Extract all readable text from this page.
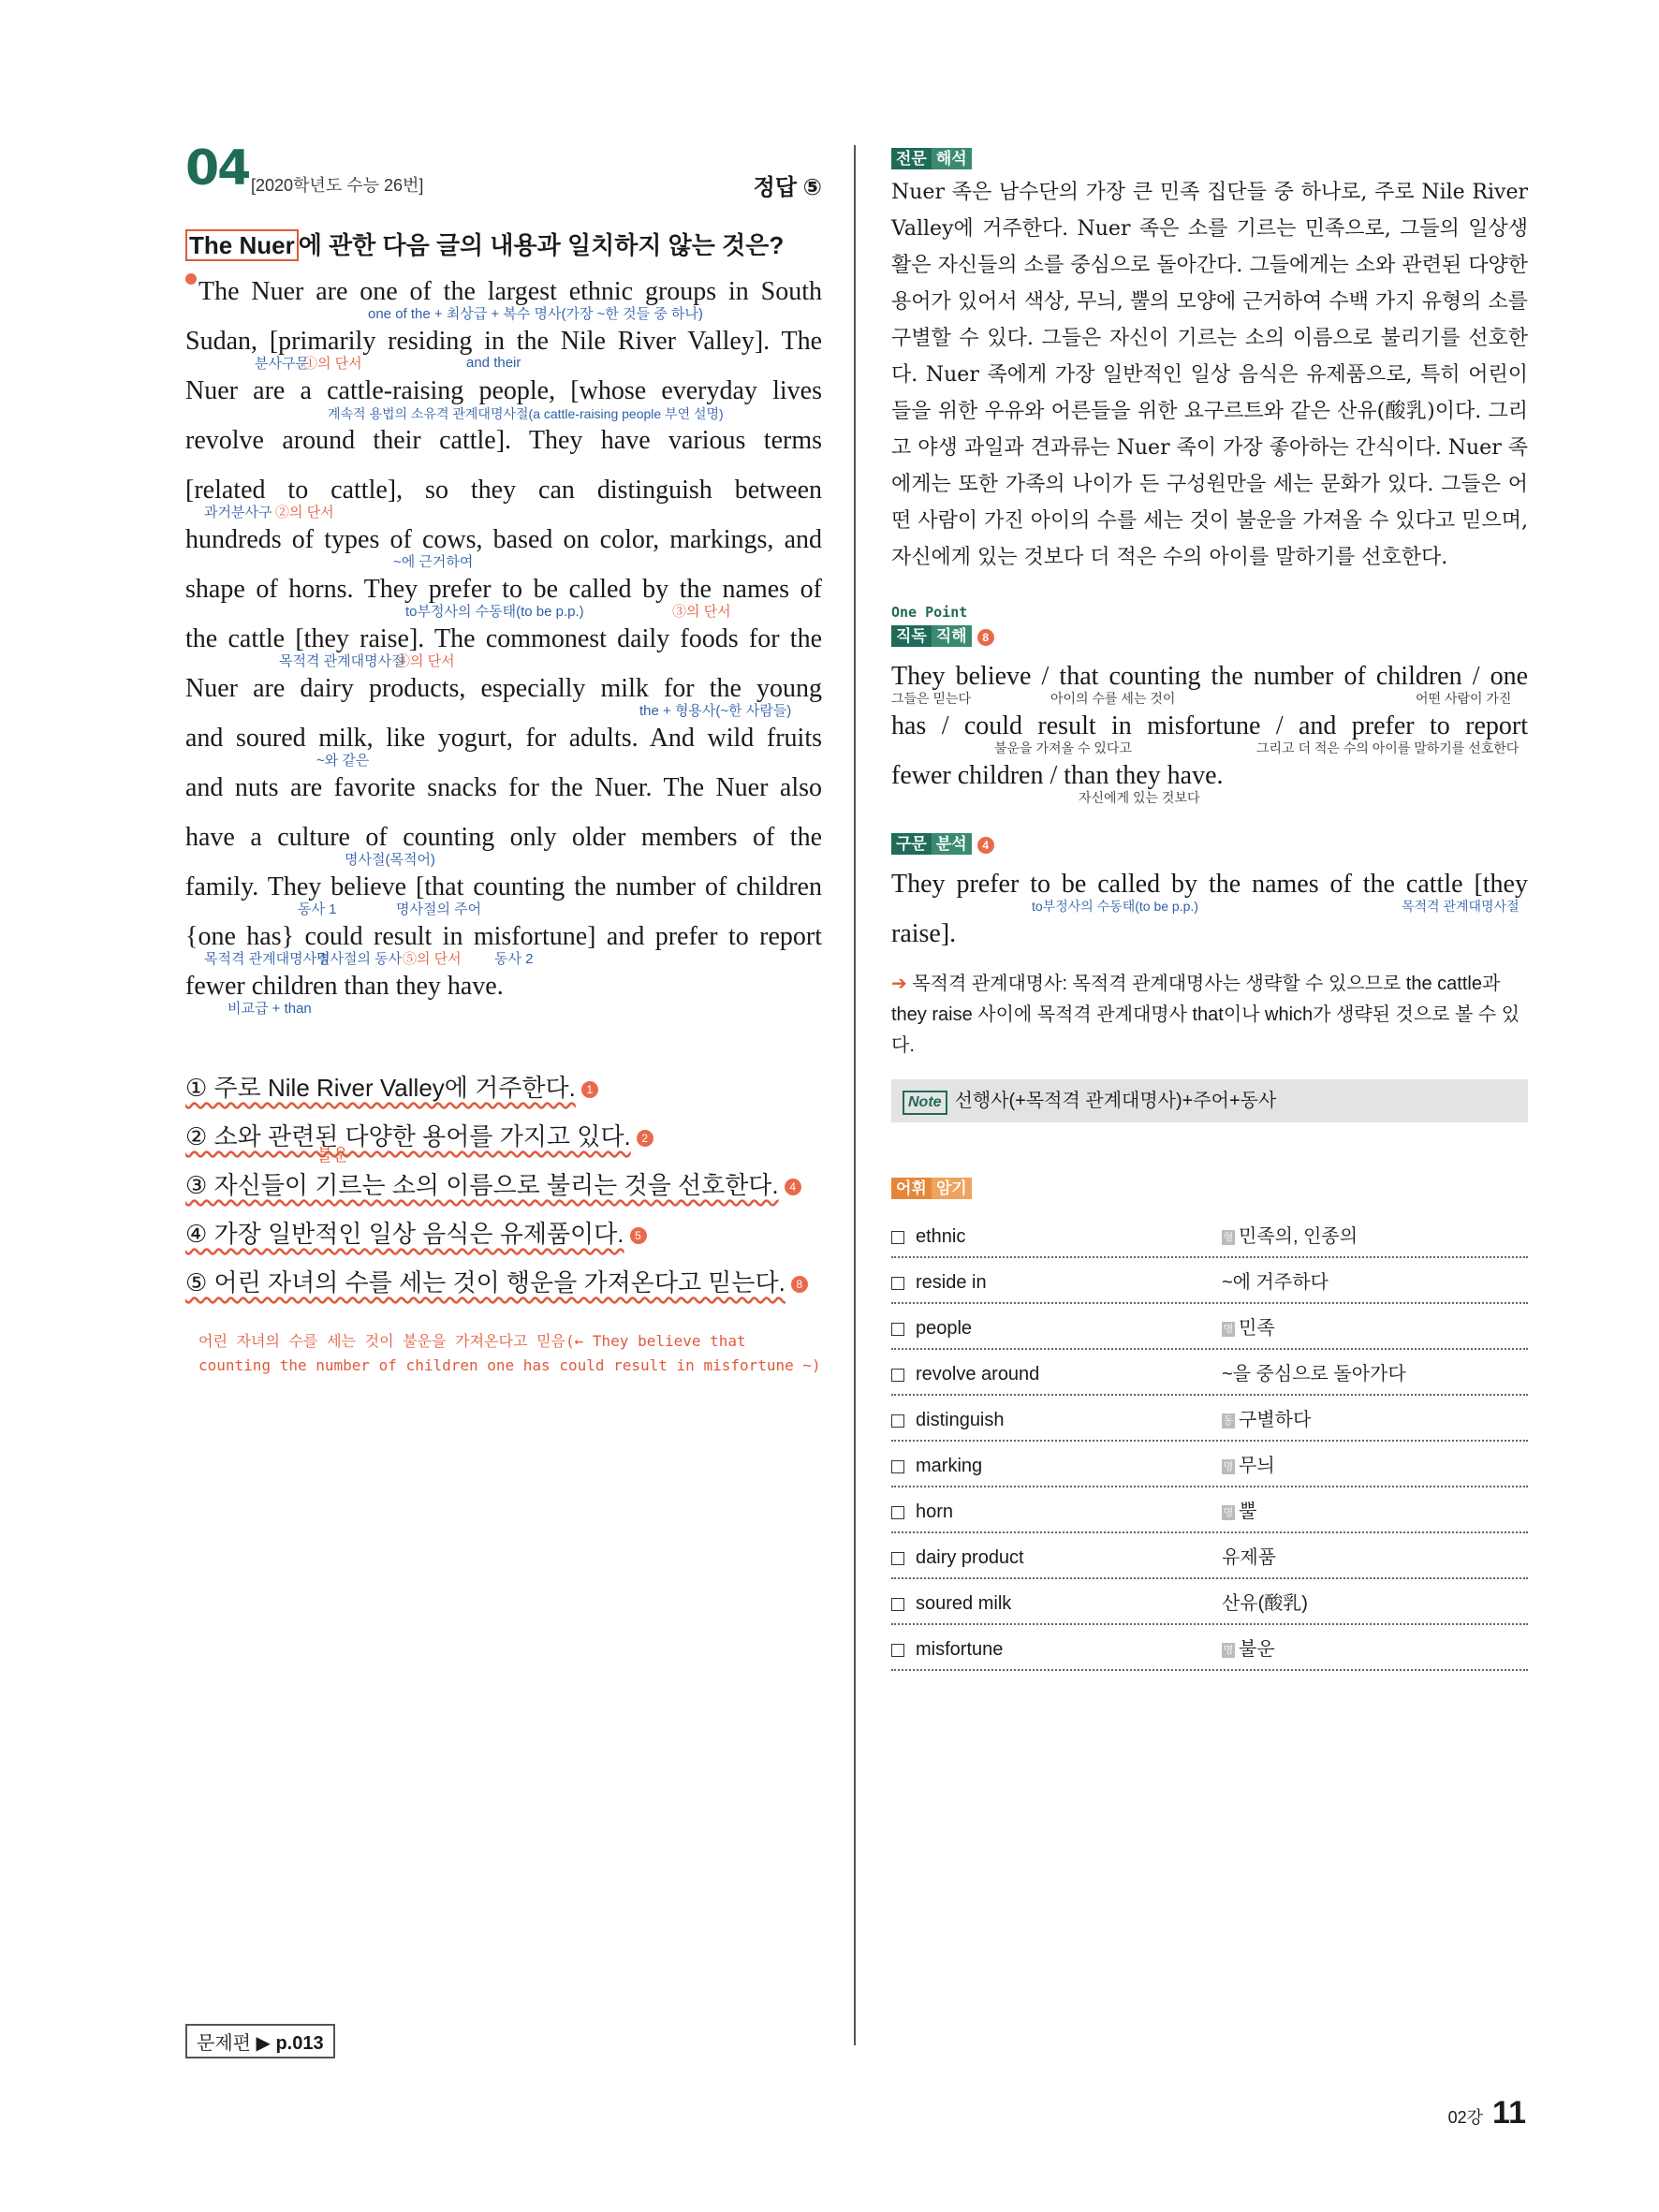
04 [2020학년도 수능 26번]	정답 ⑤
The Nuer 에 관한 다음 글의 내용과 일치하지 않는 것은?
The Nuer are one of the largest ethnic groups in South
one of the + 최상급 + 복수 명사(가장 ~한 것들 중 하나)
Sudan, [primarily residing in the Nile River Valley]. The
분사구문
①의 단서
Nuer are a cattle-raising people, [whose everyday lives
and their
계속적 용법의 소유격 관계대명사절(a cattle-raising people 부연 설명)
revolve around their cattle]. They have various terms
[related to cattle], so they can distinguish between
과거분사구 ②의 단서
hundreds of types of cows, based on color, markings, and
~에 근거하여
shape of horns. They prefer to be called by the names of
to부정사의 수동태(to be p.p.)	③의 단서
the cattle [they raise]. The commonest daily foods for the
목적격 관계대명사절
④의 단서
Nuer are dairy products, especially milk for the young
the + 형용사(~한 사람들)
and soured milk, like yogurt, for adults. And wild fruits
~와 같은
and nuts are favorite snacks for the Nuer. The Nuer also
have a culture of counting only older members of the
명사절(목적어)
family. They believe [that counting the number of children
동사 1	명사절의 주어
{one has} could result in misfortune] and prefer to report
목적격 관계대명사절
명사절의 동사 ⑤의 단서 동사 2
fewer children than they have.
비교급 + than
① 주로 Nile River Valley에 거주한다. 1
② 소와 관련된 다양한 용어를 가지고 있다. 2
③ 자신들이 기르는 소의 이름으로 불리는 것을 선호한다. 4
④ 가장 일반적인 일상 음식은 유제품이다. 5
⑤ 어린 자녀의 수를 세는 것이 행운을 가져온다고 믿는다. 8
불운
어린 자녀의 수를 세는 것이 불운을 가져온다고 믿음(← They believe that
counting the number of children one has could result in misfortune ~)
문제편 ▶ p.013
전문 해석
Nuer 족은 남수단의 가장 큰 민족 집단들 중 하나로, 주로 Nile River Valley에 거주한다. Nuer 족은 소를 기르는 민족으로, 그들의 일상생활은 자신들의 소를 중심으로 돌아간다. 그들에게는 소와 관련된 다양한 용어가 있어서 색상, 무늬, 뿔의 모양에 근거하여 수백 가지 유형의 소를 구별할 수 있다. 그들은 자신이 기르는 소의 이름으로 불리기를 선호한다. Nuer 족에게 가장 일반적인 일상 음식은 유제품으로, 특히 어린이들을 위한 우유와 어른들을 위한 요구르트와 같은 산유(酸乳)이다. 그리고 야생 과일과 견과류는 Nuer 족이 가장 좋아하는 간식이다. Nuer 족에게는 또한 가족의 나이가 든 구성원만을 세는 문화가 있다. 그들은 어떤 사람이 가진 아이의 수를 세는 것이 불운을 가져올 수 있다고 믿으며, 자신에게 있는 것보다 더 적은 수의 아이를 말하기를 선호한다.
One Point
직독 직해 8
They believe / that counting the number of children / one
그들은 믿는다	아이의 수를 세는 것이	어떤 사람이 가진
has / could result in misfortune / and prefer to report
불운을 가져올 수 있다고	그리고 더 적은 수의 아이를 말하기를 선호한다
fewer children / than they have.
자신에게 있는 것보다
구문 분석 4
They prefer to be called by the names of the cattle [they
to부정사의 수동태(to be p.p.)	목적격 관계대명사절
raise].
➔ 목적격 관계대명사: 목적격 관계대명사는 생략할 수 있으므로 the cattle과 they raise 사이에 목적격 관계대명사 that이나 which가 생략된 것으로 볼 수 있다.
Note 선행사(+목적격 관계대명사)+주어+동사
어휘 암기
ethnic	형 민족의, 인종의
reside in	~에 거주하다
people	명 민족
revolve around	~을 중심으로 돌아가다
distinguish	동 구별하다
marking	명 무늬
horn	명 뿔
dairy product	유제품
soured milk	산유(酸乳)
misfortune	명 불운
02강 11
